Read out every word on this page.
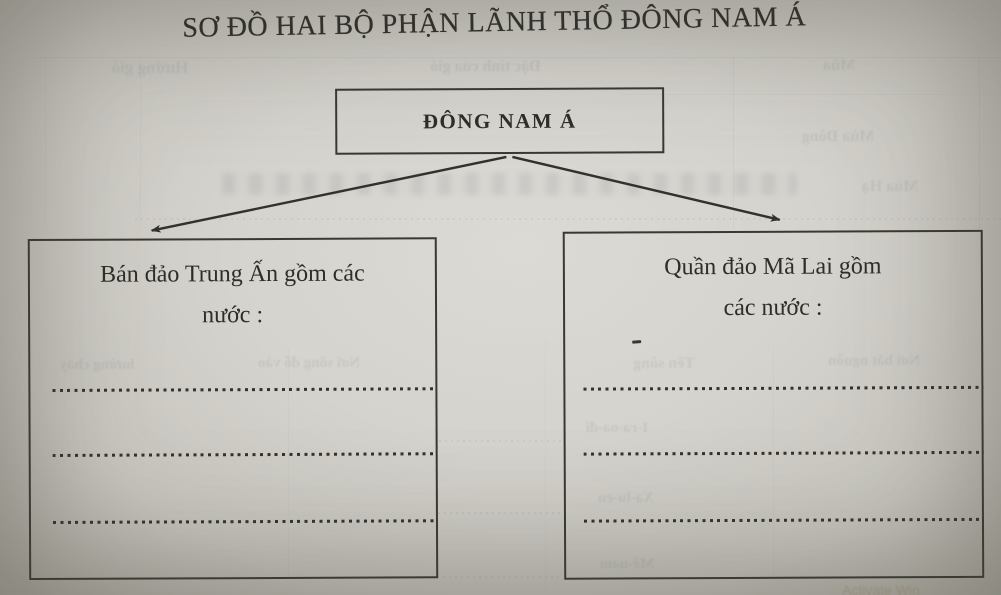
Hướng gió	Đặc tính của gió	Mùa
Mùa Đông
Mùa Hạ
Tên sông	Nơi bắt nguồn
hướng chảy	Nơi sông đổ vào
I-ra-oa-đi
Xa-lu-en
Mê-nam
Activate Win
SƠ ĐỒ HAI BỘ PHẬN LÃNH THỔ ĐÔNG NAM Á
ĐÔNG NAM Á
Bán đảo Trung Ấn gồm các
nước :
Quần đảo Mã Lai gồm
các nước :
